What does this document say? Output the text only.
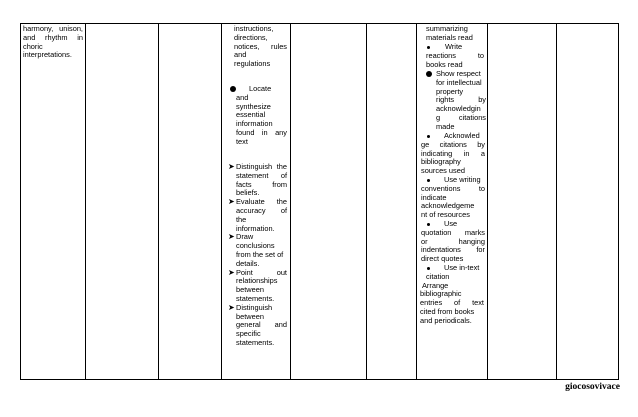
harmony, unison,
and rhythm in
choric
interpretations.
instructions,
directions,
notices, rules
and
regulations
Locate
and
synthesize
essential
information
found in any
text
➤ Distinguish the
statement of
facts from
beliefs.
➤ Evaluate the
accuracy of
the
information.
➤ Draw
conclusions
from the set of
details.
➤ Point out
relationships
between
statements.
➤ Distinguish
between
general and
specific
statements.
summarizing
materials read
Write
reactions to
books read
Show respect
for intellectual
property
rights by
acknowledgin
g citations
made
Acknowled
ge citations by
indicating in a
bibliography
sources used
Use writing
conventions to
indicate
acknowledgeme
nt of resources
Use
quotation marks
or hanging
indentations for
direct quotes
Use in-text
citation
Arrange
bibliographic
entries of text
cited from books
and periodicals.
giocosovivace
